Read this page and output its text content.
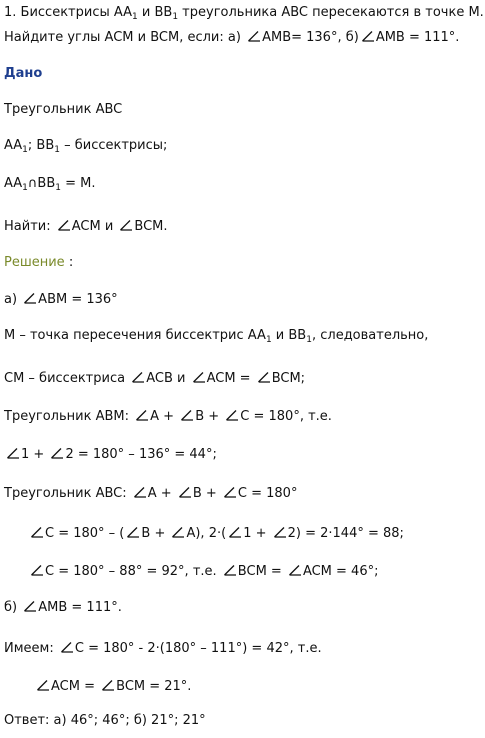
1. Биссектрисы $AA_1$ и $BB_1$ треугольника ABC пересекаются в точке M.
Найдите углы ACM и BCM, если: а)
AMB= 136°, б) AMB = 111°.
Дано
Треугольник ABC
$AA_1$; $BB_1$ – биссектрисы;
$AA_1\cap BB_1 = M$.
Найти:
ACM и
BCM.
Решение :
а)
ABM = 136°
M – точка пересечения биссектрис $AA_1$ и $BB_1$, следовательно,
CM – биссектриса
ACB и
ACM =
BCM;
Треугольник ABM:
A +
B +
C = 180°, т.е.
1 +
2 = 180° – 136° = 44°;
Треугольник ABC:
A +
B +
C = 180°
C = 180° – ( B +
A), 2·( 1 +
2) = 2·144° = 88;
C = 180° – 88° = 92°, т.е.
BCM =
ACM = 46°;
б)
AMB = 111°.
Имеем:
C = 180° - 2·(180° – 111°) = 42°, т.е.
ACM =
BCM = 21°.
Ответ: а) 46°; 46°; б) 21°; 21°
